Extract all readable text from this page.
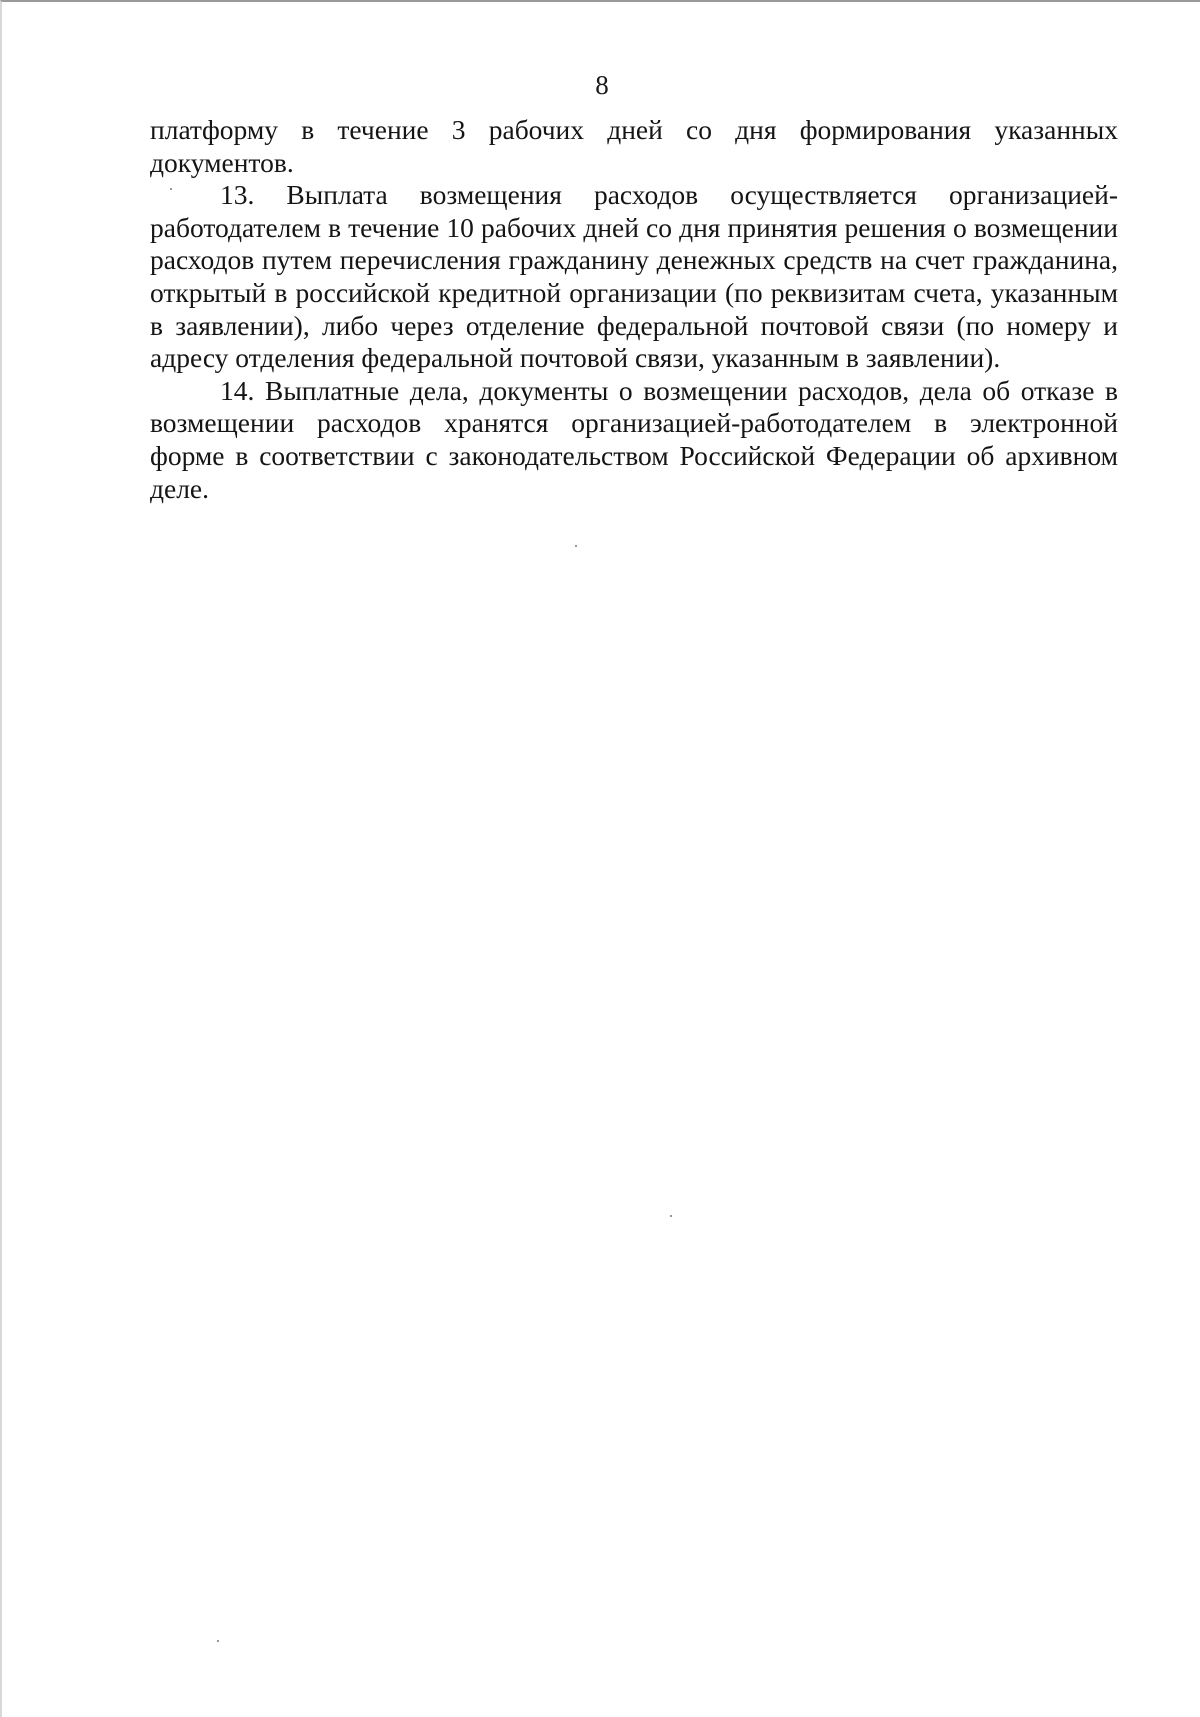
8

платформу в течение 3 рабочих дней со дня формирования указанных документов.

13. Выплата возмещения расходов осуществляется организацией-работодателем в течение 10 рабочих дней со дня принятия решения о возмещении расходов путем перечисления гражданину денежных средств на счет гражданина, открытый в российской кредитной организации (по реквизитам счета, указанным в заявлении), либо через отделение федеральной почтовой связи (по номеру и адресу отделения федеральной почтовой связи, указанным в заявлении).

14. Выплатные дела, документы о возмещении расходов, дела об отказе в возмещении расходов хранятся организацией-работодателем в электронной форме в соответствии с законодательством Российской Федерации об архивном деле.
